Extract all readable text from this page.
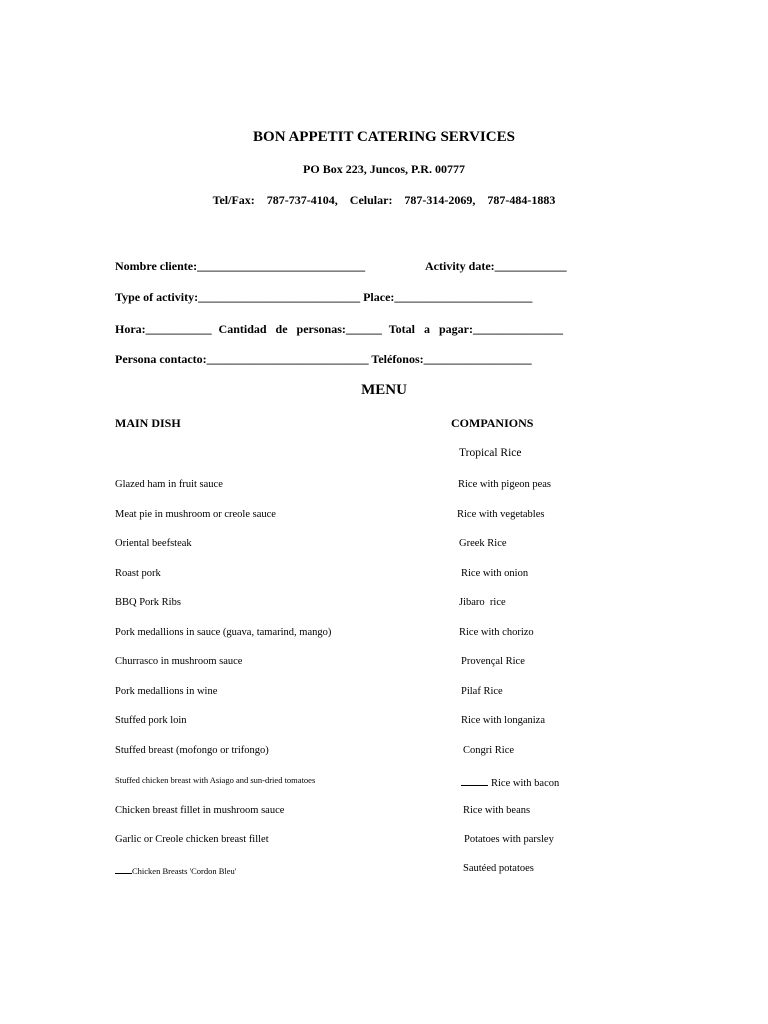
BON APPETIT CATERING SERVICES
PO Box 223, Juncos, P.R. 00777
Tel/Fax:   787-737-4104,   Celular:   787-314-2069,   787-484-1883
Nombre cliente:____________________________	Activity date:____________
Type of activity:___________________________ Place:_______________________
Hora:___________ Cantidad de personas:______ Total a pagar:_______________
Persona contacto:___________________________ Teléfonos:__________________
MENU
MAIN DISH	COMPANIONS
Glazed ham in fruit sauce
Meat pie in mushroom or creole sauce
Oriental beefsteak
Roast pork
BBQ Pork Ribs
Pork medallions in sauce (guava, tamarind, mango)
Churrasco in mushroom sauce
Pork medallions in wine
Stuffed pork loin
Stuffed breast (mofongo or trifongo)
Stuffed chicken breast with Asiago and sun-dried tomatoes
Chicken breast fillet in mushroom sauce
Garlic or Creole chicken breast fillet
Chicken Breasts 'Cordon Bleu'
Tropical Rice
Rice with pigeon peas
Rice with vegetables
Greek Rice
Rice with onion
Jibaro  rice
Rice with chorizo
Provençal Rice
Pilaf Rice
Rice with longaniza
Congri Rice
Rice with bacon
Rice with beans
Potatoes with parsley
Sautéed potatoes
